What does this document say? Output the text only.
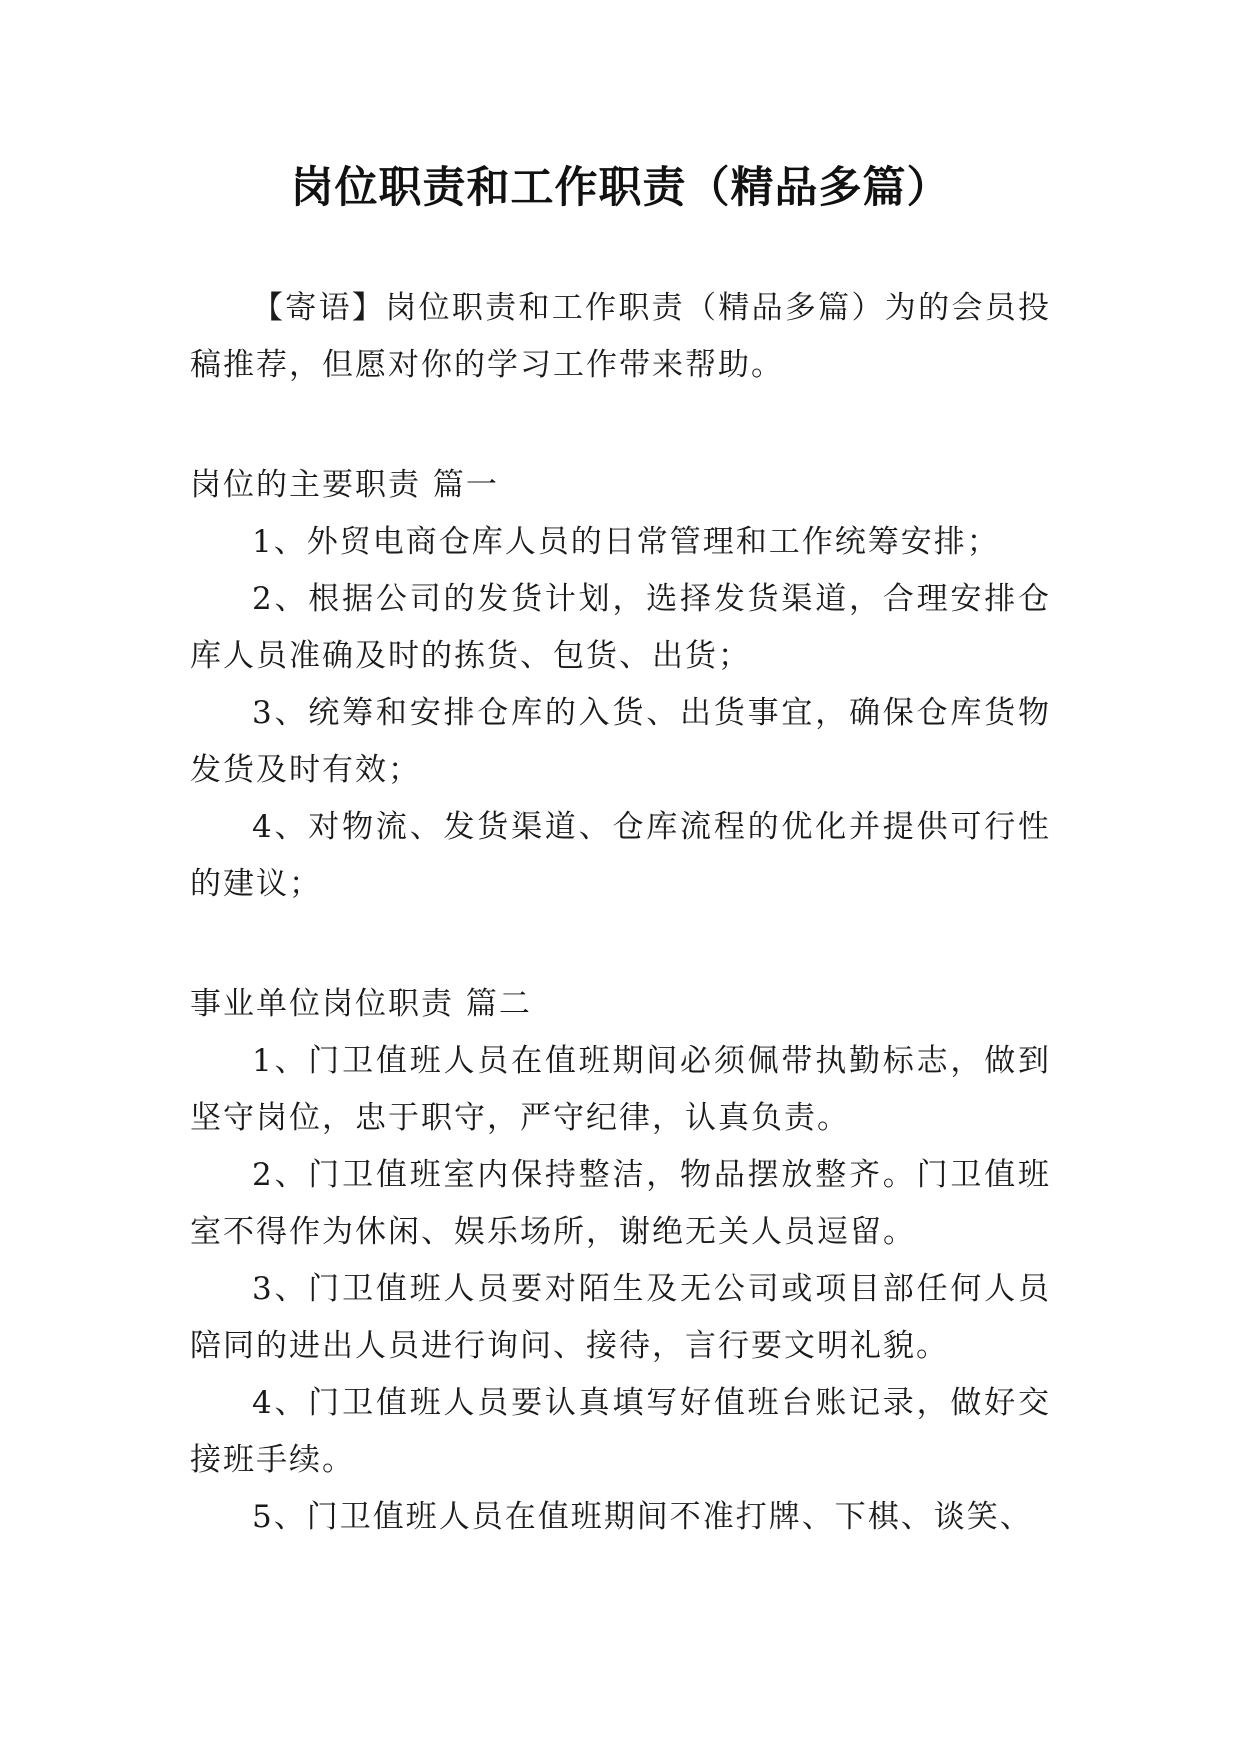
岗位职责和工作职责（精品多篇）

【寄语】岗位职责和工作职责（精品多篇）为的会员投稿推荐，但愿对你的学习工作带来帮助。

岗位的主要职责 篇一

1、外贸电商仓库人员的日常管理和工作统筹安排；

2、根据公司的发货计划，选择发货渠道，合理安排仓库人员准确及时的拣货、包货、出货；

3、统筹和安排仓库的入货、出货事宜，确保仓库货物发货及时有效；

4、对物流、发货渠道、仓库流程的优化并提供可行性的建议；

事业单位岗位职责 篇二

1、门卫值班人员在值班期间必须佩带执勤标志，做到坚守岗位，忠于职守，严守纪律，认真负责。

2、门卫值班室内保持整洁，物品摆放整齐。门卫值班室不得作为休闲、娱乐场所，谢绝无关人员逗留。

3、门卫值班人员要对陌生及无公司或项目部任何人员陪同的进出人员进行询问、接待，言行要文明礼貌。

4、门卫值班人员要认真填写好值班台账记录，做好交接班手续。

5、门卫值班人员在值班期间不准打牌、下棋、谈笑、
